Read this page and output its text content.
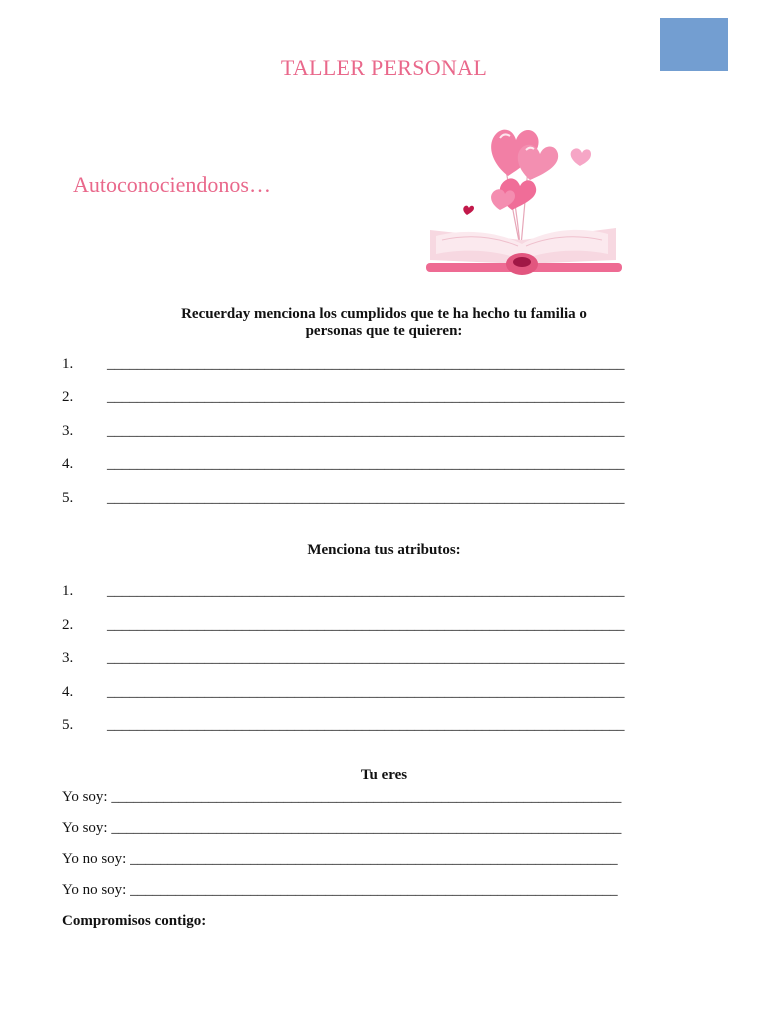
TALLER PERSONAL
Autoconociendonos…
Recuerday menciona los cumplidos que te ha hecho tu familia o
personas que te quieren:
1. _____________________________________________________________________
2. _____________________________________________________________________
3. _____________________________________________________________________
4. _____________________________________________________________________
5. _____________________________________________________________________
Menciona tus atributos:
1. _____________________________________________________________________
2. _____________________________________________________________________
3. _____________________________________________________________________
4. _____________________________________________________________________
5. _____________________________________________________________________
Tu eres
Yo soy: ____________________________________________________________________
Yo soy: ____________________________________________________________________
Yo no soy: _________________________________________________________________
Yo no soy: _________________________________________________________________
Compromisos contigo:
